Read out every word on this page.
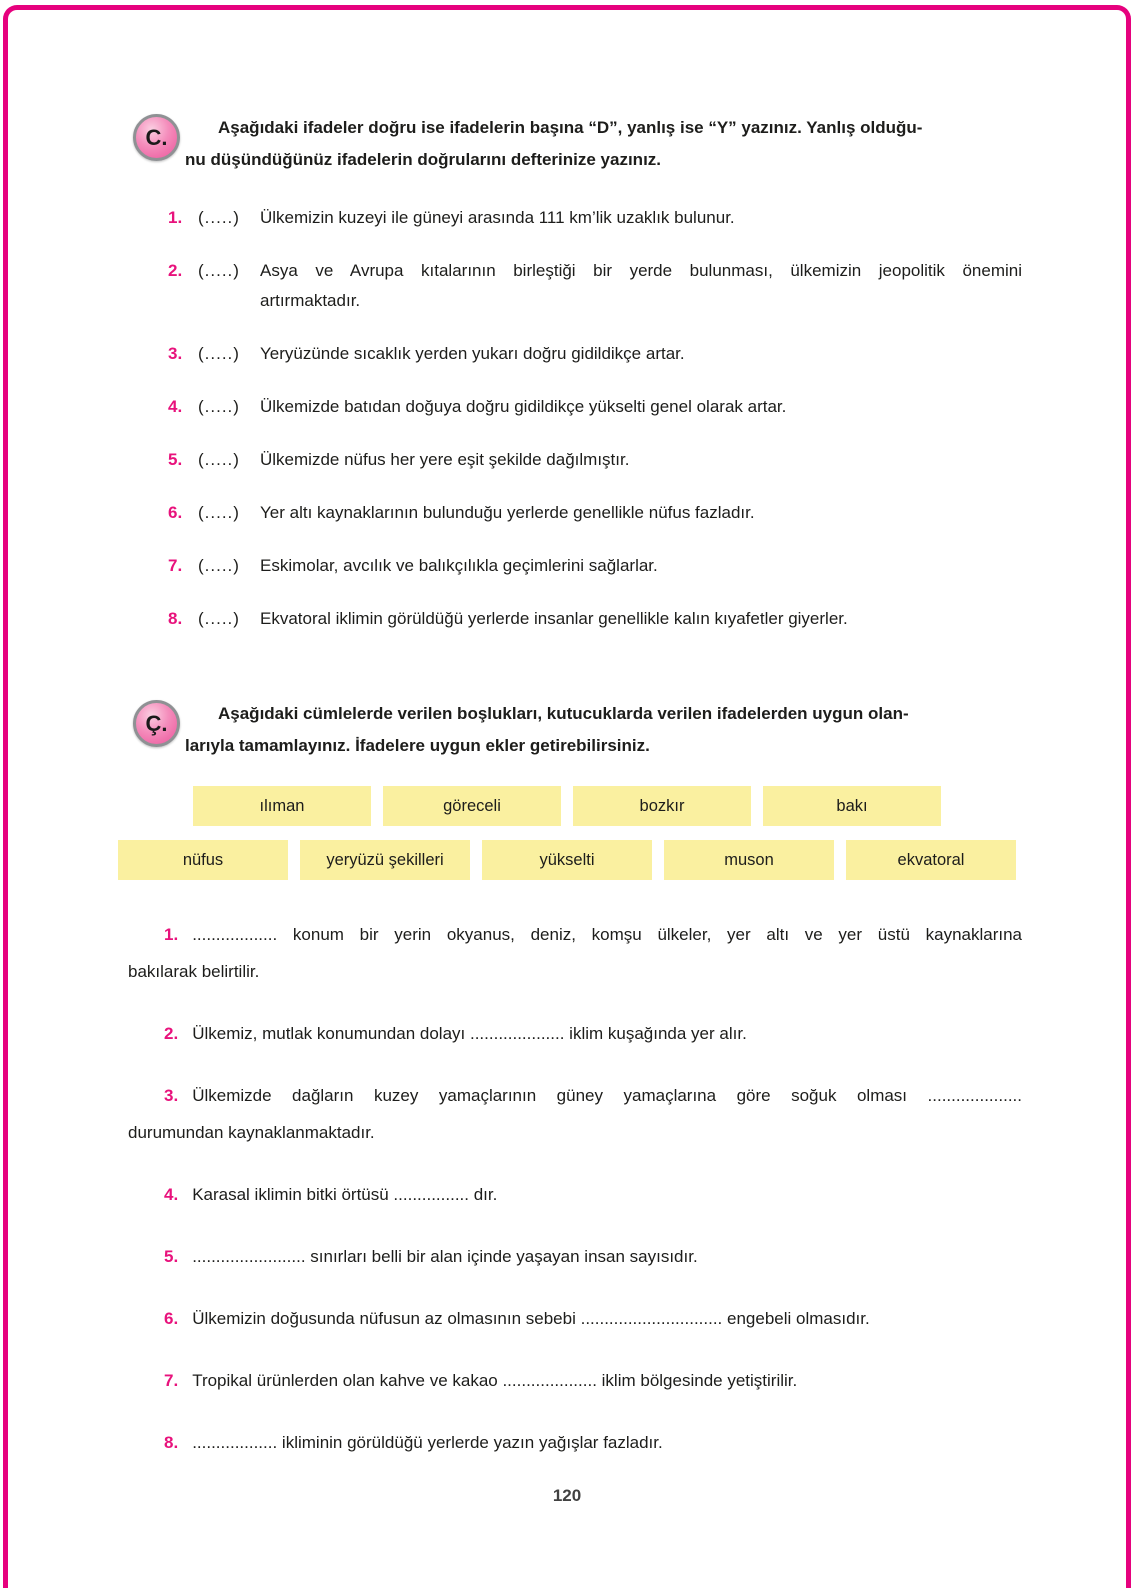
C.	Aşağıdaki ifadeler doğru ise ifadelerin başına “D”, yanlış ise “Y” yazınız. Yanlış olduğu-
nu düşündüğünüz ifadelerin doğrularını defterinize yazınız.
1. (.....)	Ülkemizin kuzeyi ile güneyi arasında 111 km’lik uzaklık bulunur.
2. (.....)	Asya ve Avrupa kıtalarının birleştiği bir yerde bulunması, ülkemizin jeopolitik önemini
artırmaktadır.
3. (.....)	Yeryüzünde sıcaklık yerden yukarı doğru gidildikçe artar.
4. (.....)	Ülkemizde batıdan doğuya doğru gidildikçe yükselti genel olarak artar.
5. (.....)	Ülkemizde nüfus her yere eşit şekilde dağılmıştır.
6. (.....)	Yer altı kaynaklarının bulunduğu yerlerde genellikle nüfus fazladır.
7. (.....)	Eskimolar, avcılık ve balıkçılıkla geçimlerini sağlarlar.
8. (.....)	Ekvatoral iklimin görüldüğü yerlerde insanlar genellikle kalın kıyafetler giyerler.
Ç.	Aşağıdaki cümlelerde verilen boşlukları, kutucuklarda verilen ifadelerden uygun olan-
larıyla tamamlayınız. İfadelere uygun ekler getirebilirsiniz.
ılıman	göreceli	bozkır	bakı
nüfus	yeryüzü şekilleri	yükselti	muson	ekvatoral
1. .................. konum bir yerin okyanus, deniz, komşu ülkeler, yer altı ve yer üstü kaynaklarına
bakılarak belirtilir.
2. Ülkemiz, mutlak konumundan dolayı .................... iklim kuşağında yer alır.
3. Ülkemizde dağların kuzey yamaçlarının güney yamaçlarına göre soğuk olması ....................
durumundan kaynaklanmaktadır.
4. Karasal iklimin bitki örtüsü ................ dır.
5. ........................ sınırları belli bir alan içinde yaşayan insan sayısıdır.
6. Ülkemizin doğusunda nüfusun az olmasının sebebi .............................. engebeli olmasıdır.
7. Tropikal ürünlerden olan kahve ve kakao .................... iklim bölgesinde yetiştirilir.
8. .................. ikliminin görüldüğü yerlerde yazın yağışlar fazladır.
120
